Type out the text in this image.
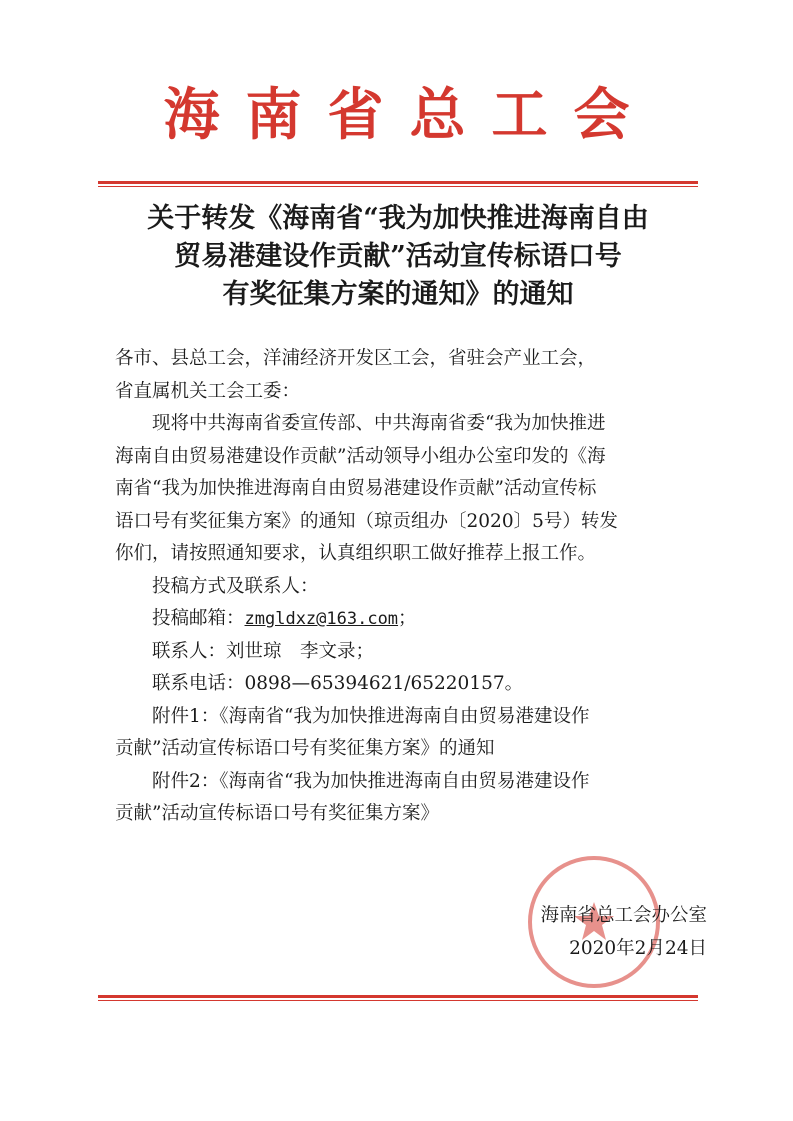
海南省总工会
关于转发《海南省“我为加快推进海南自由
贸易港建设作贡献”活动宣传标语口号
有奖征集方案的通知》的通知
各市、县总工会，洋浦经济开发区工会，省驻会产业工会，
省直属机关工会工委：
现将中共海南省委宣传部、中共海南省委“我为加快推进
海南自由贸易港建设作贡献”活动领导小组办公室印发的《海
南省“我为加快推进海南自由贸易港建设作贡献”活动宣传标
语口号有奖征集方案》的通知（琼贡组办〔2020〕5号）转发
你们，请按照通知要求，认真组织职工做好推荐上报工作。
投稿方式及联系人：
投稿邮箱：zmgldxz@163.com；
联系人：刘世琼　李文录；
联系电话：0898—65394621/65220157。
附件1：《海南省“我为加快推进海南自由贸易港建设作
贡献”活动宣传标语口号有奖征集方案》的通知
附件2：《海南省“我为加快推进海南自由贸易港建设作
贡献”活动宣传标语口号有奖征集方案》
海南省总工会办公室
2020年2月24日
